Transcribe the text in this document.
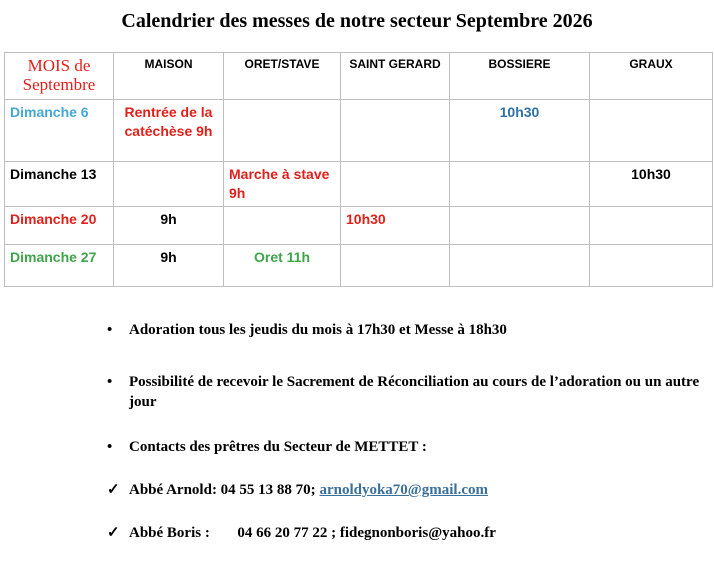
Calendrier des messes de notre secteur Septembre 2026
MOIS de Septembre	MAISON	ORET/STAVE	SAINT GERARD	BOSSIERE	GRAUX
Dimanche 6	Rentrée de la catéchèse 9h			10h30	
Dimanche 13		Marche à stave 9h			10h30
Dimanche 20	9h		10h30		
Dimanche 27	9h	Oret 11h			
• Adoration tous les jeudis du mois à 17h30 et Messe à 18h30
• Possibilité de recevoir le Sacrement de Réconciliation au cours de l’adoration ou un autre jour
• Contacts des prêtres du Secteur de METTET :
✓ Abbé Arnold: 04 55 13 88 70; arnoldyoka70@gmail.com
✓ Abbé Boris : 04 66 20 77 22 ; fidegnonboris@yahoo.fr
